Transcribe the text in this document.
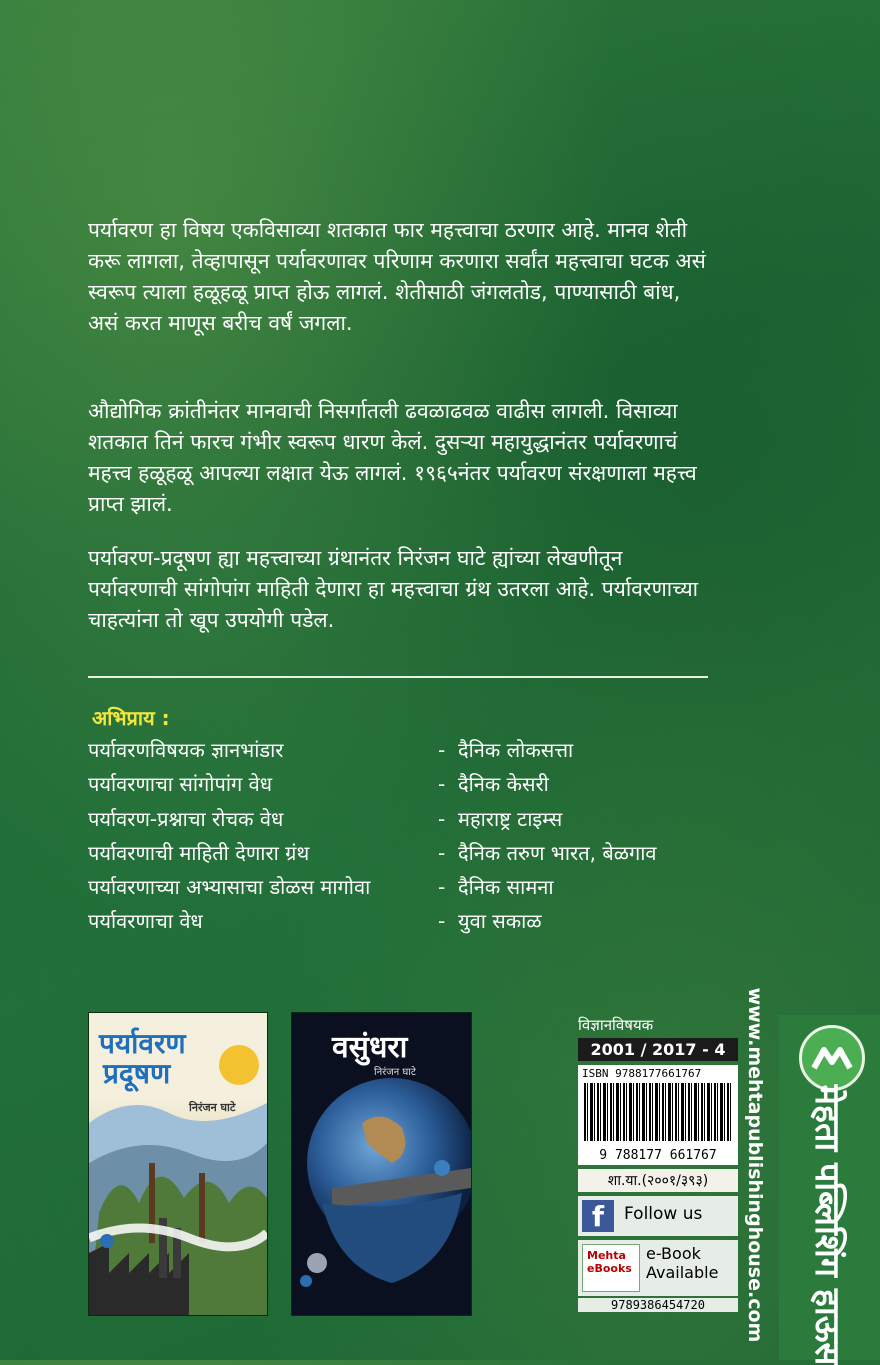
पर्यावरण हा विषय एकविसाव्या शतकात फार महत्त्वाचा ठरणार आहे. मानव शेती करू लागला, तेव्हापासून पर्यावरणावर परिणाम करणारा सर्वांत महत्त्वाचा घटक असं स्वरूप त्याला हळूहळू प्राप्त होऊ लागलं. शेतीसाठी जंगलतोड, पाण्यासाठी बांध, असं करत माणूस बरीच वर्षं जगला.
औद्योगिक क्रांतीनंतर मानवाची निसर्गातली ढवळाढवळ वाढीस लागली. विसाव्या शतकात तिनं फारच गंभीर स्वरूप धारण केलं. दुसऱ्या महायुद्धानंतर पर्यावरणाचं महत्त्व हळूहळू आपल्या लक्षात येऊ लागलं. १९६५नंतर पर्यावरण संरक्षणाला महत्त्व प्राप्त झालं.
पर्यावरण-प्रदूषण ह्या महत्त्वाच्या ग्रंथानंतर निरंजन घाटे ह्यांच्या लेखणीतून पर्यावरणाची सांगोपांग माहिती देणारा हा महत्त्वाचा ग्रंथ उतरला आहे. पर्यावरणाच्या चाहत्यांना तो खूप उपयोगी पडेल.
अभिप्राय :
पर्यावरणविषयक ज्ञानभांडार	- दैनिक लोकसत्ता
पर्यावरणाचा सांगोपांग वेध	- दैनिक केसरी
पर्यावरण-प्रश्नाचा रोचक वेध	- महाराष्ट्र टाइम्स
पर्यावरणाची माहिती देणारा ग्रंथ	- दैनिक तरुण भारत, बेळगाव
पर्यावरणाच्या अभ्यासाचा डोळस मागोवा	- दैनिक सामना
पर्यावरणाचा वेध	- युवा सकाळ
पर्यावरण
प्रदूषण
निरंजन घाटे
वसुंधरा
निरंजन घाटे
विज्ञानविषयक
2001 / 2017 - 4
ISBN 9788177661767
9 788177 661767
शा.या.(२००१/३९३)
f	Follow us
Mehta eBooks
e-Book
Available
9789386454720	www.mehtapublishinghouse.com मेहता पब्लिशिंग हाऊस
